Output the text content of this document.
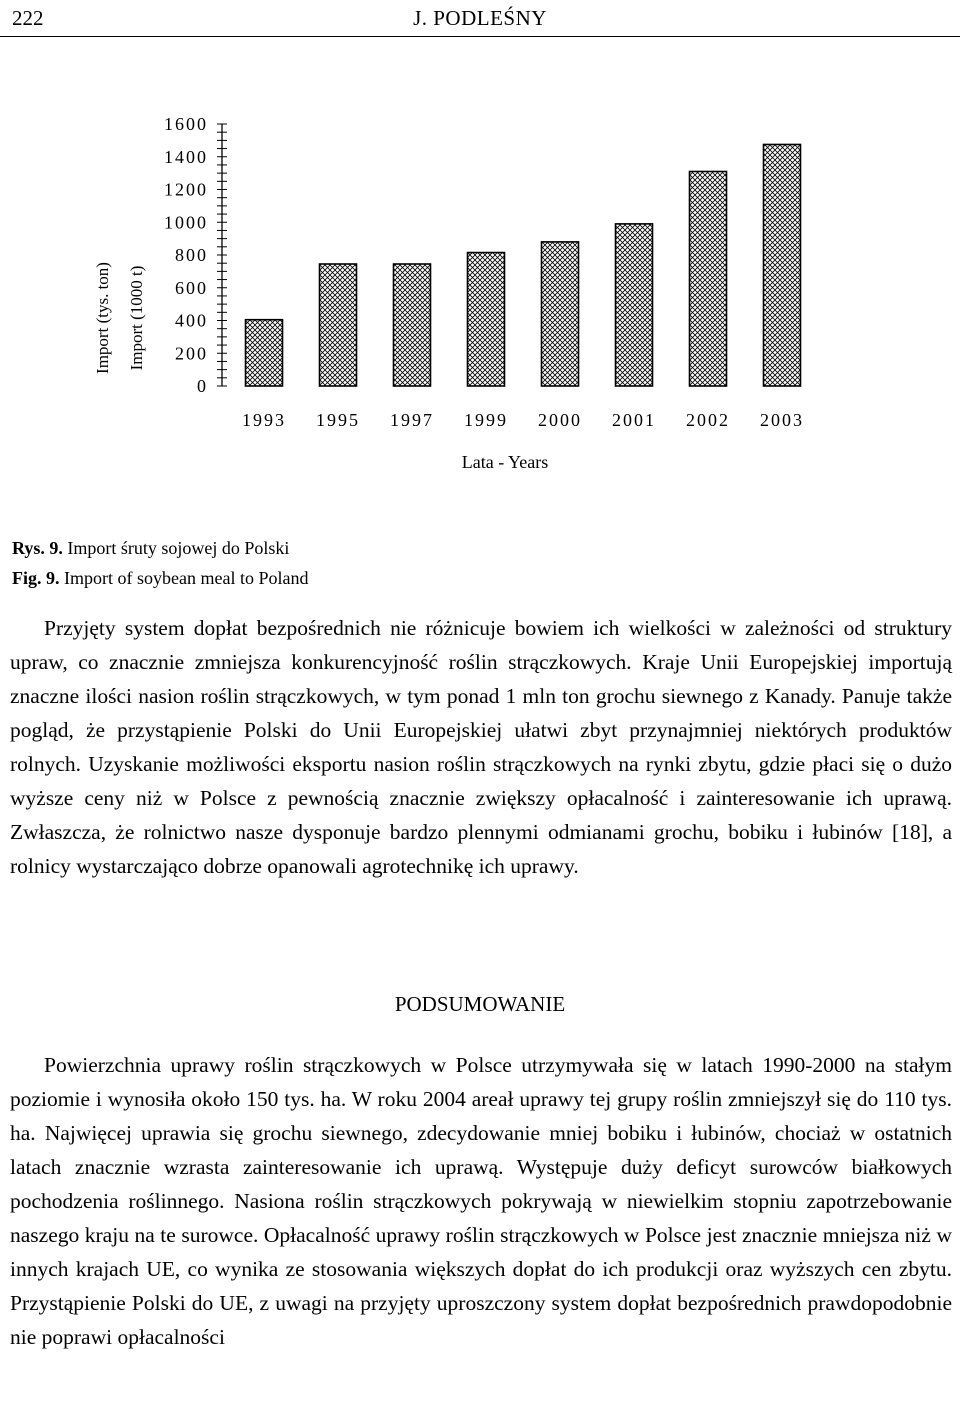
222	J. PODLEŚNY
Import (tys. ton) Import (1000 t)
0
200
400
600
800
1000
1200
1400
1600
1993 1995 1997 1999 2000 2001 2002 2003
Lata - Years
Rys. 9. Import śruty sojowej do Polski
Fig. 9. Import of soybean meal to Poland

Przyjęty system dopłat bezpośrednich nie różnicuje bowiem ich wielkości w zależności od struktury upraw, co znacznie zmniejsza konkurencyjność roślin strączkowych. Kraje Unii Europejskiej importują znaczne ilości nasion roślin strączkowych, w tym ponad 1 mln ton grochu siewnego z Kanady. Panuje także pogląd, że przystąpienie Polski do Unii Europejskiej ułatwi zbyt przynajmniej niektórych produktów rolnych. Uzyskanie możliwości eksportu nasion roślin strączkowych na rynki zbytu, gdzie płaci się o dużo wyższe ceny niż w Polsce z pewnością znacznie zwiększy opłacalność i zainteresowanie ich uprawą. Zwłaszcza, że rolnictwo nasze dysponuje bardzo plennymi odmianami grochu, bobiku i łubinów [18], a rolnicy wystarczająco dobrze opanowali agrotechnikę ich uprawy.

PODSUMOWANIE

Powierzchnia uprawy roślin strączkowych w Polsce utrzymywała się w latach 1990-2000 na stałym poziomie i wynosiła około 150 tys. ha. W roku 2004 areał uprawy tej grupy roślin zmniejszył się do 110 tys. ha. Najwięcej uprawia się grochu siewnego, zdecydowanie mniej bobiku i łubinów, chociaż w ostatnich latach znacznie wzrasta zainteresowanie ich uprawą. Występuje duży deficyt surowców białkowych pochodzenia roślinnego. Nasiona roślin strączkowych pokrywają w niewielkim stopniu zapotrzebowanie naszego kraju na te surowce. Opłacalność uprawy roślin strączkowych w Polsce jest znacznie mniejsza niż w innych krajach UE, co wynika ze stosowania większych dopłat do ich produkcji oraz wyższych cen zbytu. Przystąpienie Polski do UE, z uwagi na przyjęty uproszczony system dopłat bezpośrednich prawdopodobnie nie poprawi opłacalności
